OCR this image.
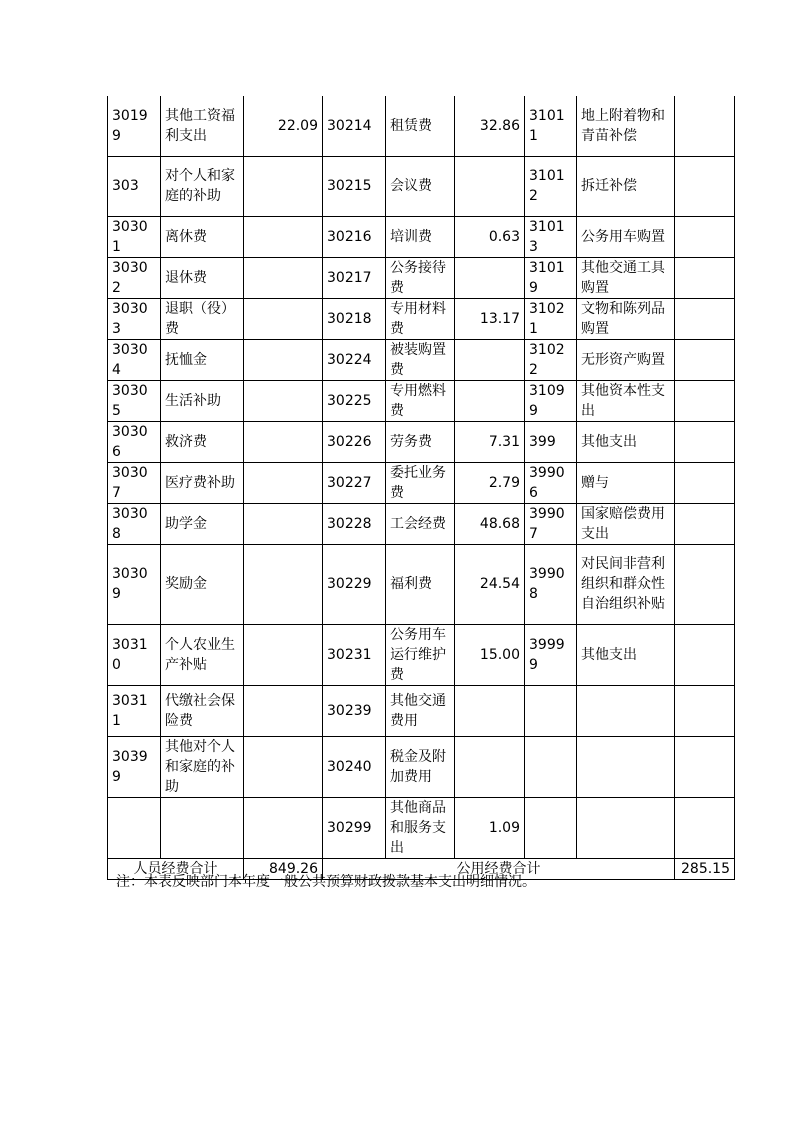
30199	其他工资福利支出	22.09	30214	租赁费	32.86	31011	地上附着物和青苗补偿	
303	对个人和家庭的补助		30215	会议费		31012	拆迁补偿	
30301	离休费		30216	培训费	0.63	31013	公务用车购置	
30302	退休费		30217	公务接待费		31019	其他交通工具购置	
30303	退职（役）费		30218	专用材料费	13.17	31021	文物和陈列品购置	
30304	抚恤金		30224	被装购置费		31022	无形资产购置	
30305	生活补助		30225	专用燃料费		31099	其他资本性支出	
30306	救济费		30226	劳务费	7.31	399	其他支出	
30307	医疗费补助		30227	委托业务费	2.79	39906	赠与	
30308	助学金		30228	工会经费	48.68	39907	国家赔偿费用支出	
30309	奖励金		30229	福利费	24.54	39908	对民间非营利组织和群众性自治组织补贴	
30310	个人农业生产补贴		30231	公务用车运行维护费	15.00	39999	其他支出	
30311	代缴社会保险费		30239	其他交通费用				
30399	其他对个人和家庭的补助		30240	税金及附加费用				
			30299	其他商品和服务支出	1.09			
人员经费合计		849.26	公用经费合计					285.15
注：本表反映部门本年度一般公共预算财政拨款基本支出明细情况。
